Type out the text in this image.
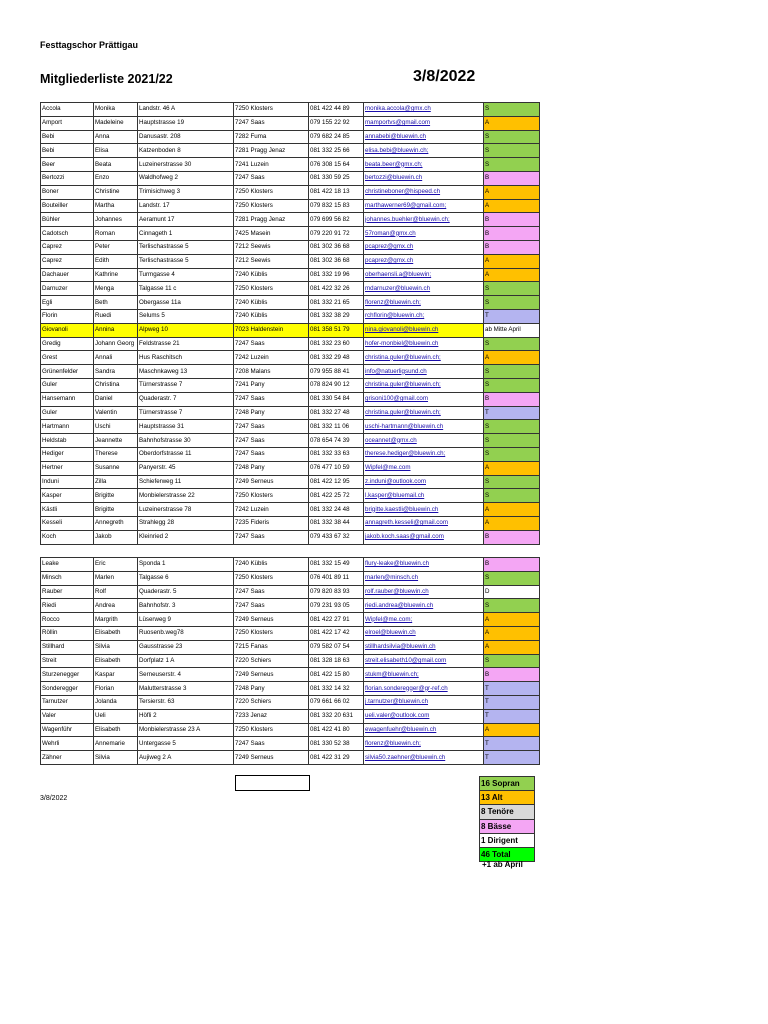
Festtagschor Prättigau
Mitgliederliste 2021/22	3/8/2022
Accola	Monika	Landstr. 46 A	7250 Klosters	081 422 44 89	monika.accola@gmx.ch	S
Amport	Madeleine	Hauptstrasse 19	7247 Saas	079 155 22 92	mamportvs@gmail.com	A
Bebi	Anna	Danusastr. 208	7282 Fuma	079 682 24 85	annabebi@bluewin.ch	S
Bebi	Elisa	Katzenboden 8	7281 Pragg Jenaz	081 332 25 66	elisa.bebi@bluewin.ch;	S
Beer	Beata	Luzeinerstrasse 30	7241 Luzein	076 308 15 64	beata.beer@gmx.ch;	S
Bertozzi	Enzo	Waldhofweg 2	7247 Saas	081 330 59 25	bertozzi@bluewin.ch	B
Boner	Christine	Trimisichweg 3	7250 Klosters	081 422 18 13	christineboner@hispeed.ch	A
Bouteiller	Martha	Landstr. 17	7250 Klosters	079 832 15 83	marthawerner69@gmail.com;	A
Bühler	Johannes	Aeramunt 17	7281 Pragg Jenaz	079 699 56 82	johannes.buehler@bluewin.ch;	B
Cadotsch	Roman	Cinnageth 1	7425 Masein	079 220 91 72	57roman@gmx.ch	B
Caprez	Peter	Terlischastrasse 5	7212 Seewis	081 302 36 68	pcaprez@gmx.ch	B
Caprez	Edith	Terlischastrasse 5	7212 Seewis	081 302 36 68	pcaprez@gmx.ch	A
Dachauer	Kathrine	Turmgasse 4	7240 Küblis	081 332 19 96	oberhaensli.a@bluewin;	A
Darnuzer	Menga	Talgasse 11 c	7250 Klosters	081 422 32 26	mdarnuzer@bluewin.ch	S
Egli	Beth	Obergasse 11a	7240 Küblis	081 332 21 65	florenz@bluewin.ch;	S
Florin	Ruedi	Selums 5	7240 Küblis	081 332 38 29	rchflorin@bluewin.ch;	T
Giovanoli	Annina	Alpweg 10	7023 Haldenstein	081 358 51 79	nina.giovanoli@bluewin.ch	ab Mitte April
Gredig	Johann Georg	Feldstrasse 21	7247 Saas	081 332 23 60	hofer-monbiel@bluewin.ch	S
Grest	Annali	Hus Raschitsch	7242 Luzein	081 332 29 48	christina.guler@bluewin.ch;	A
Grünenfelder	Sandra	Maschnkaweg 13	7208 Malans	079 955 88 41	info@natuerligsund.ch	S
Guler	Christina	Türnerstrasse 7	7241 Pany	078 824 90 12	christina.guler@bluewin.ch;	S
Hansemann	Daniel	Quaderastr. 7	7247 Saas	081 330 54 84	grisoni100@gmail.com	B
Guler	Valentin	Türnerstrasse 7	7248 Pany	081 332 27 48	christina.guler@bluewin.ch;	T
Hartmann	Uschi	Hauptstrasse 31	7247 Saas	081 332 11 06	uschi-hartmann@bluewin.ch	S
Heldstab	Jeannette	Bahnhofstrasse 30	7247 Saas	078 654 74 39	oceannet@gmx.ch	S
Hediger	Therese	Oberdorfstrasse 11	7247 Saas	081 332 33 63	therese.hediger@bluewin.ch;	S
Hertner	Susanne	Panyerstr. 45	7248 Pany	076 477 10 59	Wipfel@me.com	A
Induni	Zilla	Schieferweg 11	7249 Serneus	081 422 12 95	z.induni@outlook.com	S
Kasper	Brigitte	Monbielerstrasse 22	7250 Klosters	081 422 25 72	l.kasper@bluemail.ch	S
Kästli	Brigitte	Luzeinerstrasse 78	7242 Luzein	081 332 24 48	brigitte.kaestli@bluewin.ch	A
Kesseli	Annegreth	Strahlegg 28	7235 Fideris	081 332 38 44	annagreth.kesseli@gmail.com	A
Koch	Jakob	Kleinried 2	7247 Saas	079 433 67 32	jakob.koch.saas@gmail.com	B
Leake	Eric	Sponda 1	7240 Küblis	081 332 15 49	flury-leake@bluewin.ch	B
Minsch	Marlen	Talgasse 6	7250 Klosters	076 401 89 11	marlen@minsch.ch	S
Rauber	Rolf	Quaderastr. 5	7247 Saas	079 820 83 93	rolf.rauber@bluewin.ch	D
Riedi	Andrea	Bahnhofstr. 3	7247 Saas	079 231 93 05	riedi.andrea@bluewin.ch	S
Rocco	Margrith	Lüserweg 9	7249 Serneus	081 422 27 91	Wipfel@me.com;	A
Röllin	Elisabeth	Ruosenb.weg78	7250 Klosters	081 422 17 42	elroel@bluewin.ch	A
Stillhard	Silvia	Gausstrasse 23	7215 Fanas	079 582 07 54	stillhardsilvia@bluewin.ch	A
Streit	Elisabeth	Dorfplatz 1 A	7220 Schiers	081 328 18 63	streit.elisabeth10@gmail.com	S
Sturzenegger	Kaspar	Serneuserstr. 4	7249 Serneus	081 422 15 80	stukm@bluewin.ch;	B
Sonderegger	Florian	Malutterstrasse 3	7248 Pany	081 332 14 32	florian.sonderegger@gr-ref.ch	T
Tarnutzer	Jolanda	Tersierstr. 63	7220 Schiers	079 661 66 02	j.tarnutzer@bluewin.ch	T
Valer	Ueli	Höfli 2	7233 Jenaz	081 332 20 631	ueli.valer@outlook.com	T
Wagenführ	Elisabeth	Monbielerstrasse 23 A	7250 Klosters	081 422 41 80	ewagenfuehr@bluewin.ch	A
Wehrli	Annemarie	Untergasse 5	7247 Saas	081 330 52 38	florenz@bluewin.ch;	T
Zähner	Silvia	Aujiweg 2 A	7249 Serneus	081 422 31 29	silvia50.zaehner@bluewin.ch	T
3/8/2022
16 Sopran
13 Alt
8 Tenöre
8 Bässe
1 Dirigent
46 Total
+1 ab April
